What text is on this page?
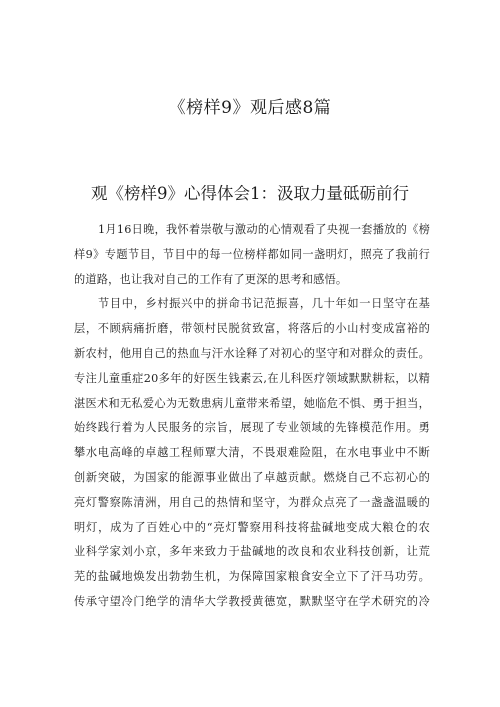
《榜样9》观后感8篇
观《榜样9》心得体会1：汲取力量砥砺前行
1月16日晚，我怀着崇敬与激动的心情观看了央视一套播放的《榜
样9》专题节目，节目中的每一位榜样都如同一盏明灯，照亮了我前行
的道路，也让我对自己的工作有了更深的思考和感悟。
节目中，乡村振兴中的拼命书记范振喜，几十年如一日坚守在基
层，不顾病痛折磨，带领村民脱贫致富，将落后的小山村变成富裕的
新农村，他用自己的热血与汗水诠释了对初心的坚守和对群众的责任。
专注儿童重症20多年的好医生钱素云,在儿科医疗领域默默耕耘，以精
湛医术和无私爱心为无数患病儿童带来希望，她临危不惧、勇于担当，
始终践行着为人民服务的宗旨，展现了专业领域的先锋模范作用。勇
攀水电高峰的卓越工程师覃大清，不畏艰难险阻，在水电事业中不断
创新突破，为国家的能源事业做出了卓越贡献。燃烧自己不忘初心的
亮灯警察陈清洲，用自己的热情和坚守，为群众点亮了一盏盏温暖的
明灯，成为了百姓心中的“亮灯警察用科技将盐碱地变成大粮仓的农
业科学家刘小京，多年来致力于盐碱地的改良和农业科技创新，让荒
芜的盐碱地焕发出勃勃生机，为保障国家粮食安全立下了汗马功劳。
传承守望冷门绝学的清华大学教授黄德宽，默默坚守在学术研究的冷
